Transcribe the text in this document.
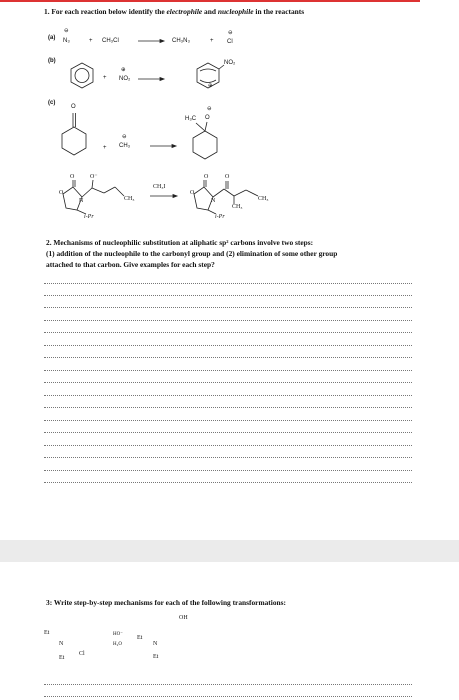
1. For each reaction below identify the electrophile and nucleophile in the reactants
(a)
⊖
N₃	+ CH₃Cl	CH₃N₃	+
⊖
Cl
(b)
+
⊕
NO₂
NO₂
⊕
(c)
O
+
⊖
CH₃
H₃C O
⊖
O
O	O⁻
N
i-Pr
CH₃
CH₃I
O
O	O
N
i-Pr
CH₃
CH₃
2. Mechanisms of nucleophilic substitution at aliphatic sp² carbons involve two steps:
(1) addition of the nucleophile to the carbonyl group and (2) elimination of some other group
attached to that carbon. Give examples for each step?
3: Write step-by-step mechanisms for each of the following transformations:
Et
N
Et
Cl
HO⁻
H₂O
Et
N
Et
OH
